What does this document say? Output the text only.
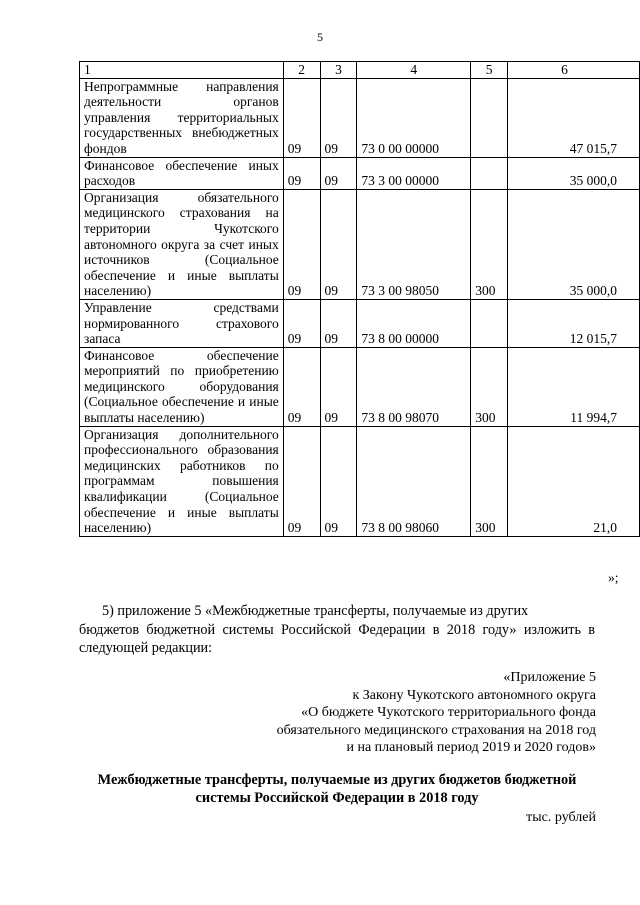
5
1	2	3	4	5	6
Непрограммные направления деятельности органов управления территориальных государственных внебюджетных фондов	09	09	73 0 00 00000		47 015,7
Финансовое обеспечение иных расходов	09	09	73 3 00 00000		35 000,0
Организация обязательного медицинского страхования на территории Чукотского автономного округа за счет иных источников (Социальное обеспечение и иные выплаты населению)	09	09	73 3 00 98050	300	35 000,0
Управление средствами нормированного страхового запаса	09	09	73 8 00 00000		12 015,7
Финансовое обеспечение мероприятий по приобретению медицинского оборудования (Социальное обеспечение и иные выплаты населению)	09	09	73 8 00 98070	300	11 994,7
Организация дополнительного профессионального образования медицинских работников по программам повышения квалификации (Социальное обеспечение и иные выплаты населению)	09	09	73 8 00 98060	300	21,0
»;
5) приложение 5 «Межбюджетные трансферты, получаемые из других
бюджетов бюджетной системы Российской Федерации в 2018 году» изложить в следующей редакции:
«Приложение 5
к Закону Чукотского автономного округа
«О бюджете Чукотского территориального фонда
обязательного медицинского страхования на 2018 год
и на плановый период 2019 и 2020 годов»
Межбюджетные трансферты, получаемые из других бюджетов бюджетной системы Российской Федерации в 2018 году
тыс. рублей
